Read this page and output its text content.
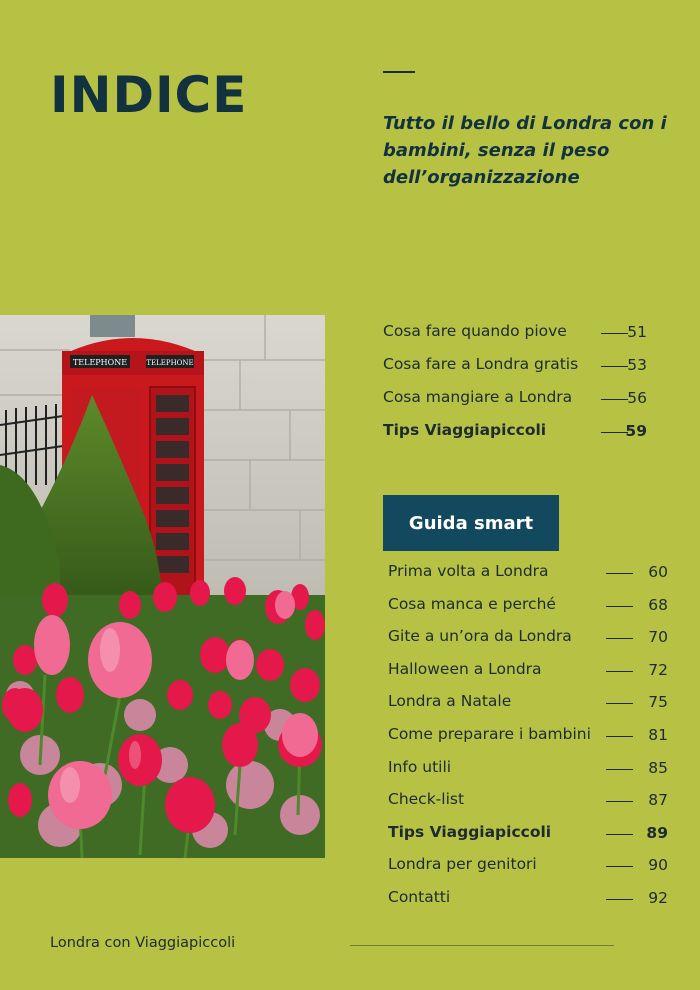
INDICE	Tutto il bello di Londra con i bambini, senza il peso dell’organizzazione

TELEPHONE	TELEPHONE
Cosa fare quando piove	51
Cosa fare a Londra gratis	53
Cosa mangiare a Londra	56
Tips Viaggiapiccoli	59
Guida smart
Prima volta a Londra	60
Cosa manca e perché	68
Gite a un’ora da Londra	70
Halloween a Londra	72
Londra a Natale	75
Come preparare i bambini	81
Info utili	85
Check-list	87
Tips Viaggiapiccoli	89
Londra per genitori	90
Contatti	92
Londra con Viaggiapiccoli
